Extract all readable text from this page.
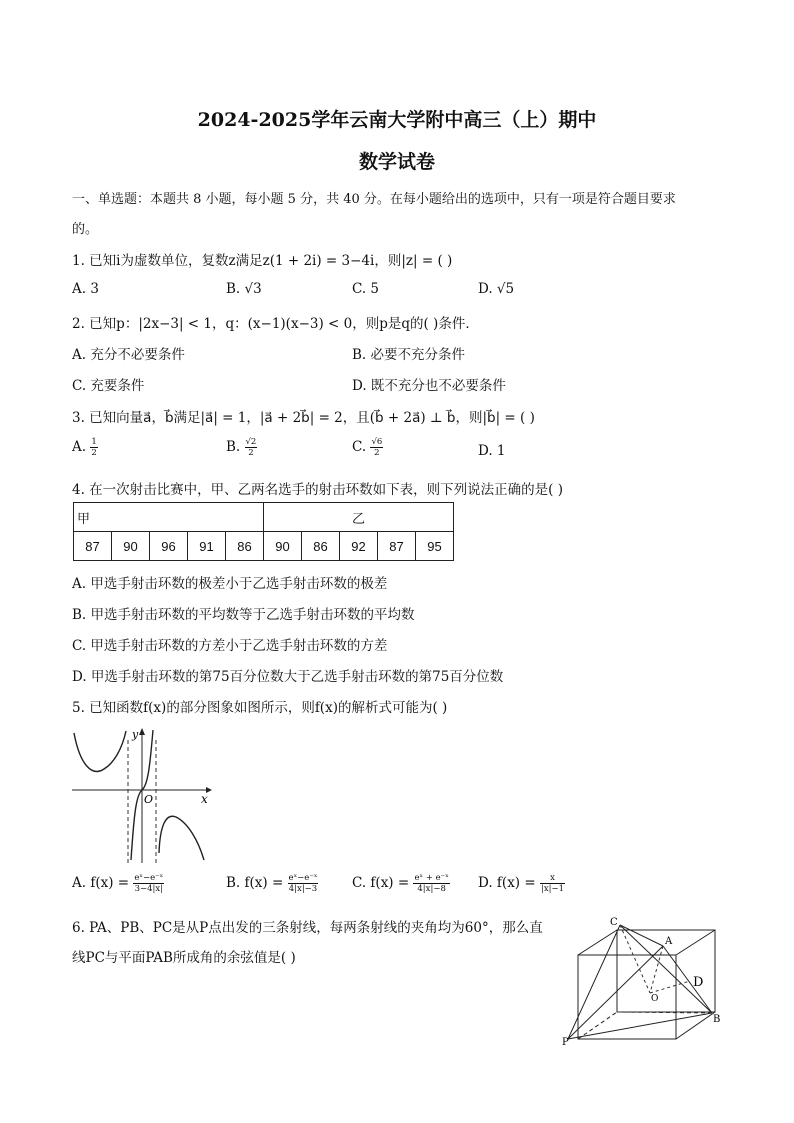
2024-2025学年云南大学附中高三（上）期中
数学试卷
一、单选题：本题共 8 小题，每小题 5 分，共 40 分。在每小题给出的选项中，只有一项是符合题目要求
的。
1. 已知i为虚数单位，复数z满足z(1 + 2i) = 3−4i，则|z| = ( )
A. 3	B. √3	C. 5	D. √5
2. 已知p：|2x−3| < 1，q：(x−1)(x−3) < 0，则p是q的( )条件．
A. 充分不必要条件	B. 必要不充分条件
C. 充要条件	D. 既不充分也不必要条件
3. 已知向量a⃗，b⃗满足|a⃗| = 1，|a⃗ + 2b⃗| = 2，且(b⃗ + 2a⃗) ⊥ b⃗，则|b⃗| = ( )
A. $\frac{1}{2}$	B. $\frac{√2}{2}$	C. $\frac{√6}{2}$	D. 1
4. 在一次射击比赛中，甲、乙两名选手的射击环数如下表，则下列说法正确的是( )
甲					乙				
87	90	96	91	86	90	86	92	87	95
A. 甲选手射击环数的极差小于乙选手射击环数的极差
B. 甲选手射击环数的平均数等于乙选手射击环数的平均数
C. 甲选手射击环数的方差小于乙选手射击环数的方差
D. 甲选手射击环数的第75百分位数大于乙选手射击环数的第75百分位数
5. 已知函数f(x)的部分图象如图所示，则f(x)的解析式可能为( )
y
x
O
A. $f(x) = \frac{\text{eˣ−e⁻ˣ}}{3-4|x|}$	B. $f(x) = \frac{\text{eˣ−e⁻ˣ}}{4|x|-3} C$. $f(x) = \frac{\text{eˣ + e⁻ˣ}}{4|x|-8} D$. $f(x) = \frac{x}{|x|-1}$
6. PA、PB、PC是从P点出发的三条射线，每两条射线的夹角均为60°，那么直
线PC与平面PAB所成角的余弦值是( )
C
A
D
O
B
P
